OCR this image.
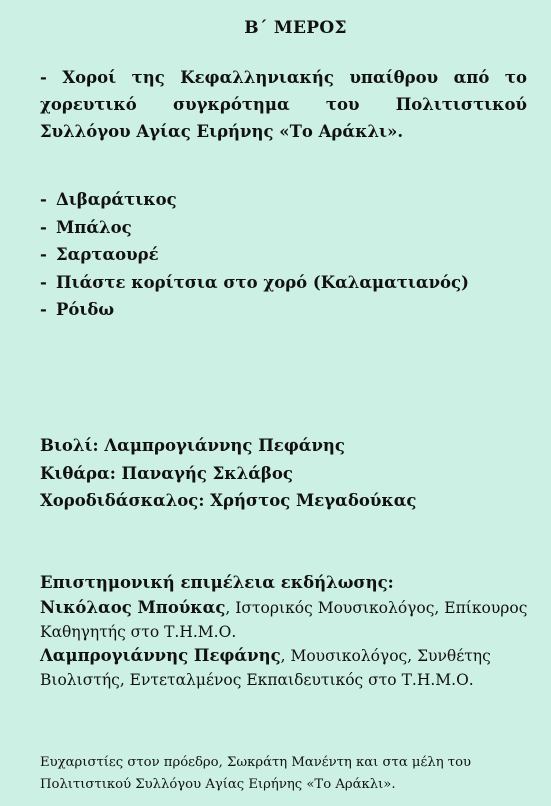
Β΄ ΜΕΡΟΣ
- Χοροί της Κεφαλληνιακής υπαίθρου από το χορευτικό συγκρότημα του Πολιτιστικού Συλλόγου Αγίας Ειρήνης «Το Αράκλι».
- Διβαράτικος
- Μπάλος
- Σαρταουρέ
- Πιάστε κορίτσια στο χορό (Καλαματιανός)
- Ρόιδω
Βιολί: Λαμπρογιάννης Πεφάνης
Κιθάρα: Παναγής Σκλάβος
Χοροδιδάσκαλος: Χρήστος Μεγαδούκας
Επιστημονική επιμέλεια εκδήλωσης:
Νικόλαος Μπούκας, Ιστορικός Μουσικολόγος, Επίκουρος Καθηγητής στο Τ.Η.Μ.Ο.
Λαμπρογιάννης Πεφάνης, Μουσικολόγος, Συνθέτης Βιολιστής, Εντεταλμένος Εκπαιδευτικός στο Τ.Η.Μ.Ο.
Ευχαριστίες στον πρόεδρο, Σωκράτη Μανέντη και στα μέλη του Πολιτιστικού Συλλόγου Αγίας Ειρήνης «Το Αράκλι».
